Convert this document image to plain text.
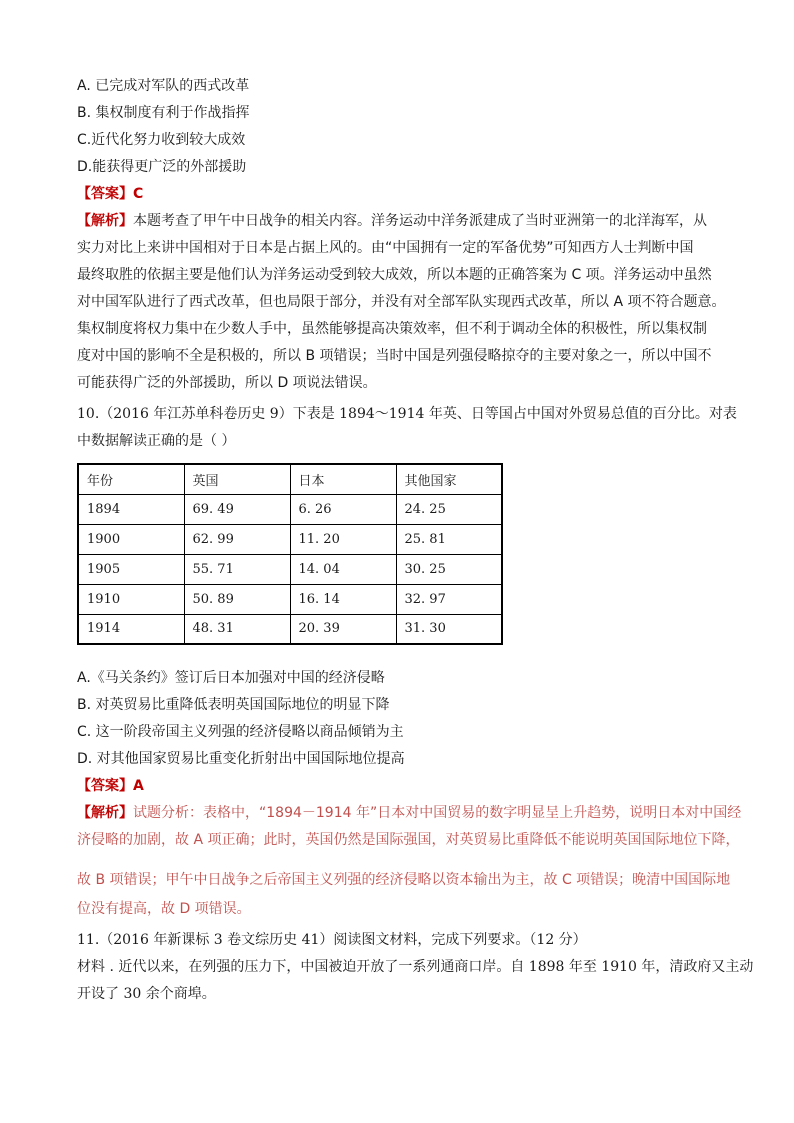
A. 已完成对军队的西式改革
B. 集权制度有利于作战指挥
C.近代化努力收到较大成效
D.能获得更广泛的外部援助
【答案】C
【解析】本题考查了甲午中日战争的相关内容。洋务运动中洋务派建成了当时亚洲第一的北洋海军，从
实力对比上来讲中国相对于日本是占据上风的。由“中国拥有一定的军备优势”可知西方人士判断中国
最终取胜的依据主要是他们认为洋务运动受到较大成效，所以本题的正确答案为 C 项。洋务运动中虽然
对中国军队进行了西式改革，但也局限于部分，并没有对全部军队实现西式改革，所以 A 项不符合题意。
集权制度将权力集中在少数人手中，虽然能够提高决策效率，但不利于调动全体的积极性，所以集权制
度对中国的影响不全是积极的，所以 B 项错误；当时中国是列强侵略掠夺的主要对象之一，所以中国不
可能获得广泛的外部援助，所以 D 项说法错误。
10.（2016 年江苏单科卷历史 9）下表是 1894～1914 年英、日等国占中国对外贸易总值的百分比。对表
中数据解读正确的是（ ）
年份	英国	日本	其他国家
1894	69. 49	6. 26	24. 25
1900	62. 99	11. 20	25. 81
1905	55. 71	14. 04	30. 25
1910	50. 89	16. 14	32. 97
1914	48. 31	20. 39	31. 30
A.《马关条约》签订后日本加强对中国的经济侵略
B. 对英贸易比重降低表明英国国际地位的明显下降
C. 这一阶段帝国主义列强的经济侵略以商品倾销为主
D. 对其他国家贸易比重变化折射出中国国际地位提高
【答案】A
【解析】试题分析：表格中，“1894－1914 年”日本对中国贸易的数字明显呈上升趋势，说明日本对中国经
济侵略的加剧，故 A 项正确；此时，英国仍然是国际强国，对英贸易比重降低不能说明英国国际地位下降，
故 B 项错误；甲午中日战争之后帝国主义列强的经济侵略以资本输出为主，故 C 项错误；晚清中国国际地
位没有提高，故 D 项错误。
11.（2016 年新课标 3 卷文综历史 41）阅读图文材料，完成下列要求。（12 分）
材料 . 近代以来，在列强的压力下，中国被迫开放了一系列通商口岸。自 1898 年至 1910 年，清政府又主动
开设了 30 余个商埠。
